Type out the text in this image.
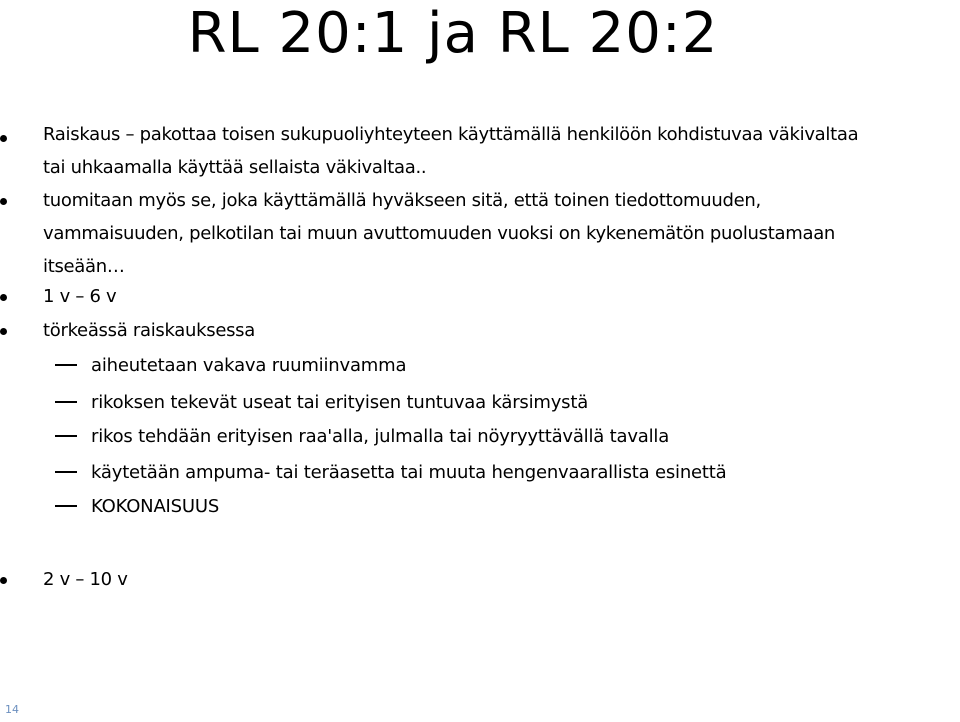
RL 20:1 ja RL 20:2
Raiskaus – pakottaa toisen sukupuoliyhteyteen käyttämällä henkilöön kohdistuvaa väkivaltaa
tai uhkaamalla käyttää sellaista väkivaltaa..
tuomitaan myös se, joka käyttämällä hyväkseen sitä, että toinen tiedottomuuden,
vammaisuuden, pelkotilan tai muun avuttomuuden vuoksi on kykenemätön puolustamaan
itseään…
1 v – 6 v
törkeässä raiskauksessa
aiheutetaan vakava ruumiinvamma
rikoksen tekevät useat tai erityisen tuntuvaa kärsimystä
rikos tehdään erityisen raa'alla, julmalla tai nöyryyttävällä tavalla
käytetään ampuma- tai teräasetta tai muuta hengenvaarallista esinettä
KOKONAISUUS
2 v – 10 v
14
